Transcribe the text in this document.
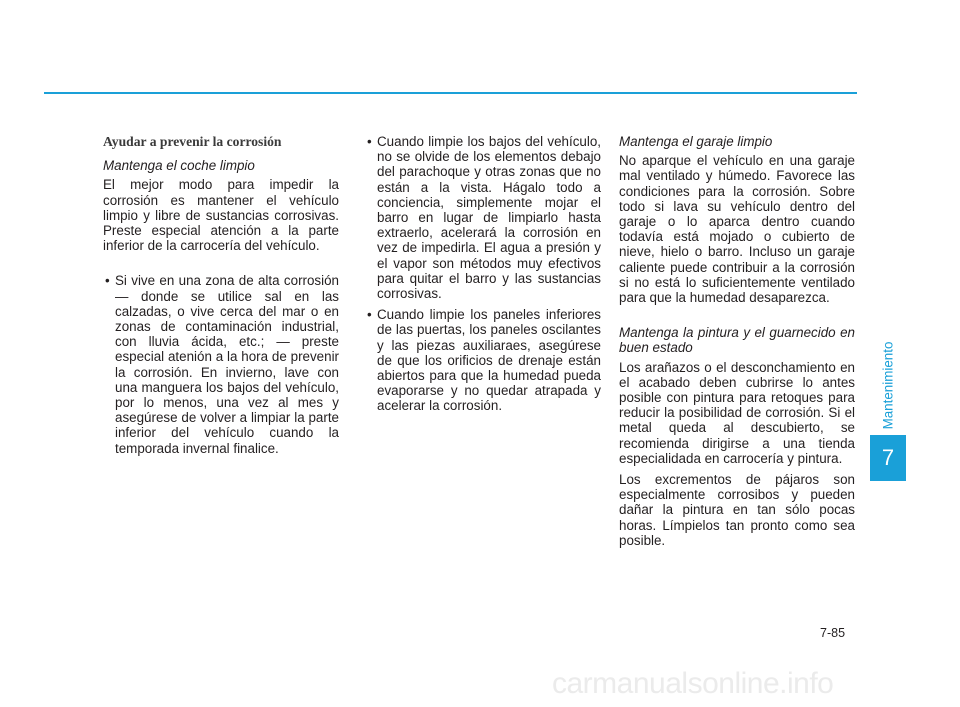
Ayudar a prevenir la corrosión

Mantenga el coche limpio

El mejor modo para impedir la corrosión es mantener el vehículo limpio y libre de sustancias corrosivas. Preste especial atención a la parte inferior de la carrocería del vehículo.

• Si vive en una zona de alta corrosión — donde se utilice sal en las calzadas, o vive cerca del mar o en zonas de contaminación industrial, con lluvia ácida, etc.; — preste especial atenión a la hora de prevenir la corrosión. En invierno, lave con una manguera los bajos del vehículo, por lo menos, una vez al mes y asegúrese de volver a limpiar la parte inferior del vehículo cuando la temporada invernal finalice.
• Cuando limpie los bajos del vehículo, no se olvide de los elementos debajo del parachoque y otras zonas que no están a la vista. Hágalo todo a conciencia, simplemente mojar el barro en lugar de limpiarlo hasta extraerlo, acelerará la corrosión en vez de impedirla. El agua a presión y el vapor son métodos muy efectivos para quitar el barro y las sustancias corrosivas.
• Cuando limpie los paneles inferiores de las puertas, los paneles oscilantes y las piezas auxiliaraes, asegúrese de que los orificios de drenaje están abiertos para que la humedad pueda evaporarse y no quedar atrapada y acelerar la corrosión.

Mantenga el garaje limpio

No aparque el vehículo en una garaje mal ventilado y húmedo. Favorece las condiciones para la corrosión. Sobre todo si lava su vehículo dentro del garaje o lo aparca dentro cuando todavía está mojado o cubierto de nieve, hielo o barro. Incluso un garaje caliente puede contribuir a la corrosión si no está lo suficientemente ventilado para que la humedad desaparezca.

Mantenga la pintura y el guarnecido en buen estado

Los arañazos o el desconchamiento en el acabado deben cubrirse lo antes posible con pintura para retoques para reducir la posibilidad de corrosión. Si el metal queda al descubierto, se recomienda dirigirse a una tienda especialidada en carrocería y pintura.

Los excrementos de pájaros son especialmente corrosibos y pueden dañar la pintura en tan sólo pocas horas. Límpielos tan pronto como sea posible.

Mantenimiento
7
7-85
carmanualsonline.info
